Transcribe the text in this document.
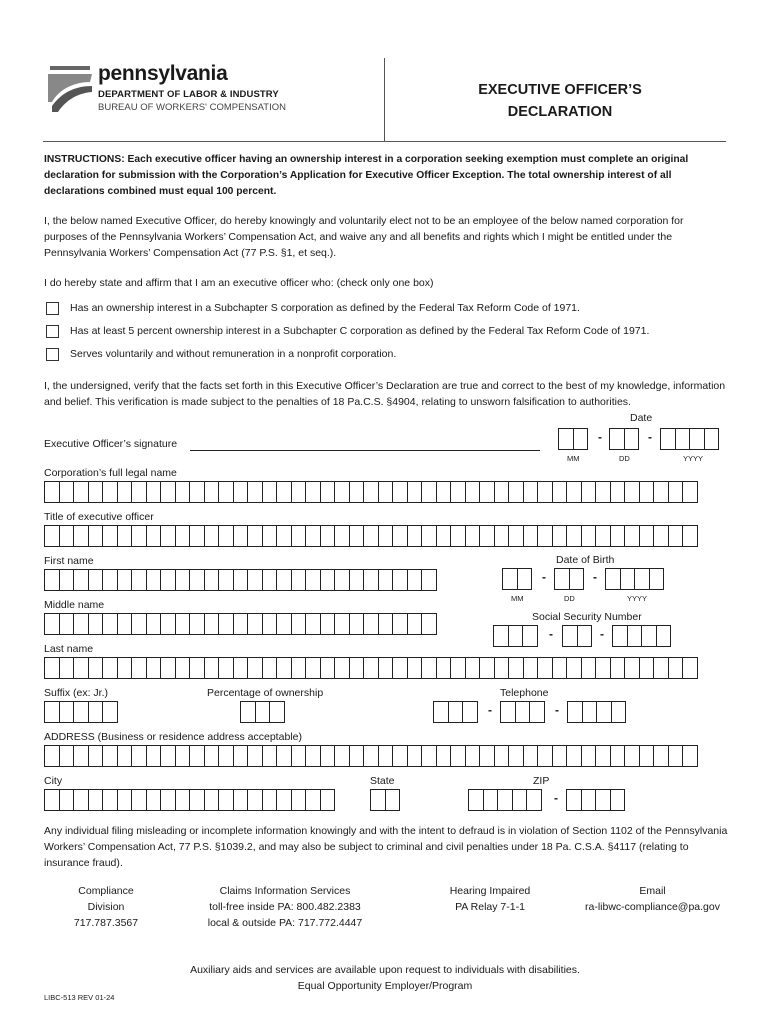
pennsylvania
DEPARTMENT OF LABOR & INDUSTRY
BUREAU OF WORKERS' COMPENSATION
EXECUTIVE OFFICER’S
DECLARATION
INSTRUCTIONS: Each executive officer having an ownership interest in a corporation seeking exemption must complete an original declaration for submission with the Corporation’s Application for Executive Officer Exception. The total ownership interest of all declarations combined must equal 100 percent.
I, the below named Executive Officer, do hereby knowingly and voluntarily elect not to be an employee of the below named corporation for purposes of the Pennsylvania Workers’ Compensation Act, and waive any and all benefits and rights which I might be entitled under the Pennsylvania Workers’ Compensation Act (77 P.S. §1, et seq.).
I do hereby state and affirm that I am an executive officer who: (check only one box)
Has an ownership interest in a Subchapter S corporation as defined by the Federal Tax Reform Code of 1971.
Has at least 5 percent ownership interest in a Subchapter C corporation as defined by the Federal Tax Reform Code of 1971.
Serves voluntarily and without remuneration in a nonprofit corporation.
I, the undersigned, verify that the facts set forth in this Executive Officer’s Declaration are true and correct to the best of my knowledge, information and belief. This verification is made subject to the penalties of 18 Pa.C.S. §4904, relating to unsworn falsification to authorities.
Date
Executive Officer’s signature	-	-
MM	DD	YYYY
Corporation’s full legal name
Title of executive officer
First name	Date of Birth
-	-
MM	DD	YYYY
Middle name
Social Security Number
-	-
Last name
Suffix (ex: Jr.)	Percentage of ownership	Telephone
-	-
ADDRESS (Business or residence address acceptable)
City	State	ZIP
-
Any individual filing misleading or incomplete information knowingly and with the intent to defraud is in violation of Section 1102 of the Pennsylvania Workers’ Compensation Act, 77 P.S. §1039.2, and may also be subject to criminal and civil penalties under 18 Pa. C.S.A. §4117 (relating to insurance fraud).
Compliance
Division
717.787.3567
Claims Information Services
toll-free inside PA: 800.482.2383
local & outside PA: 717.772.4447
Hearing Impaired
PA Relay 7-1-1
Email
ra-libwc-compliance@pa.gov
Auxiliary aids and services are available upon request to individuals with disabilities.
Equal Opportunity Employer/Program
LIBC-513 REV 01-24
